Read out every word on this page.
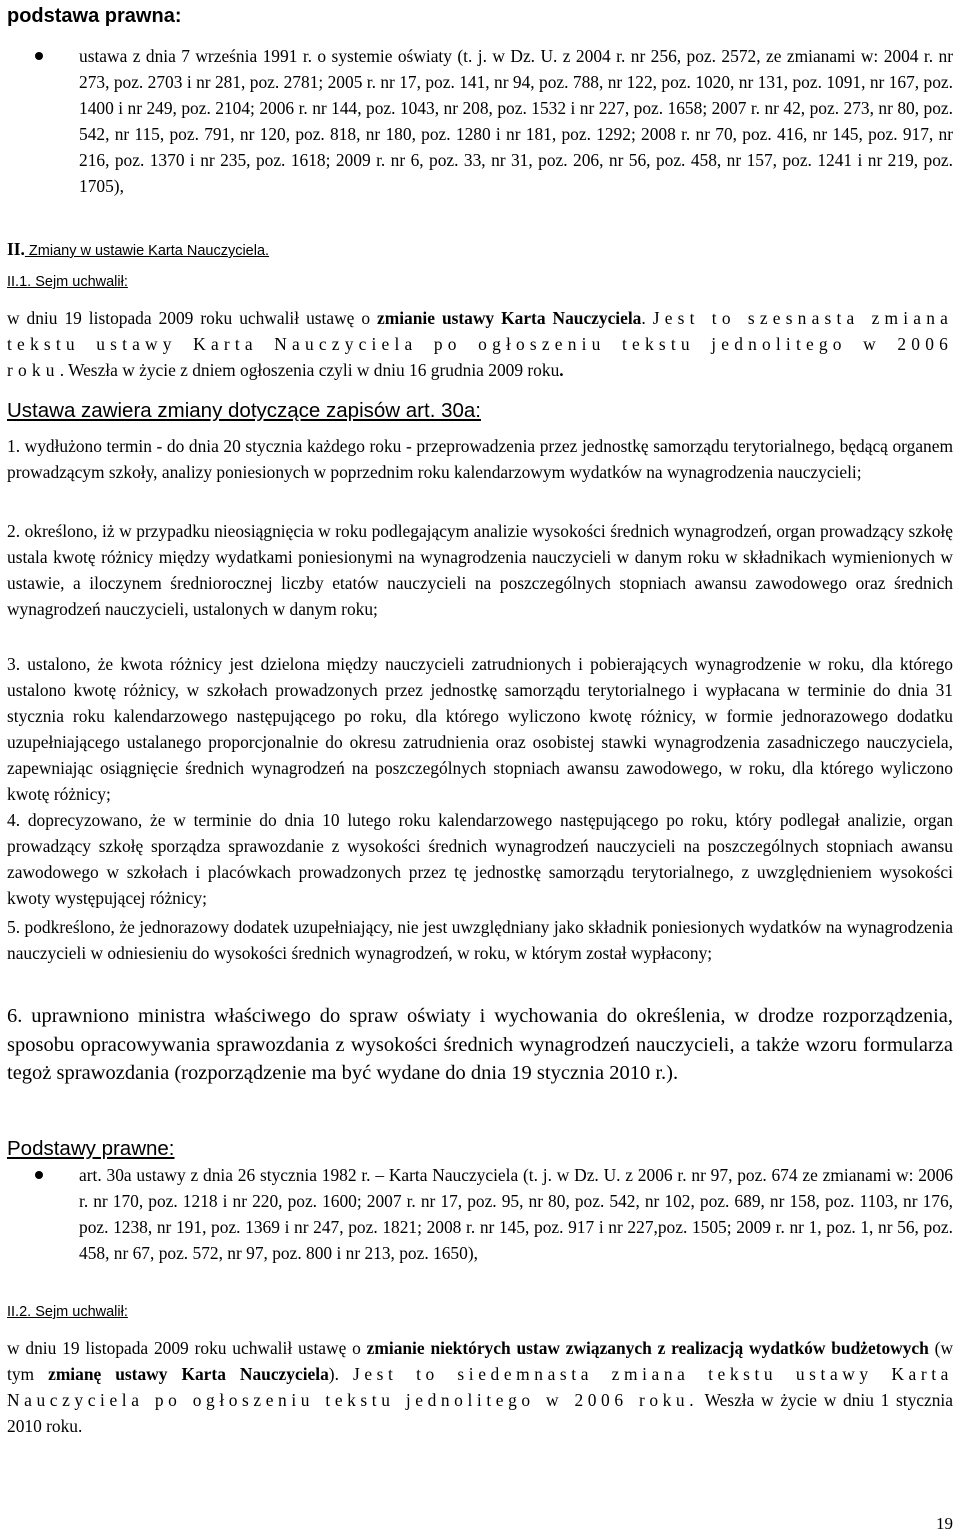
podstawa prawna:
ustawa z dnia 7 września 1991 r. o systemie oświaty (t. j. w Dz. U. z 2004 r. nr 256, poz. 2572, ze zmianami w: 2004 r. nr 273, poz. 2703 i nr 281, poz. 2781; 2005 r. nr 17, poz. 141, nr 94, poz. 788, nr 122, poz. 1020, nr 131, poz. 1091, nr 167, poz. 1400 i nr 249, poz. 2104; 2006 r. nr 144, poz. 1043, nr 208, poz. 1532 i nr 227, poz. 1658; 2007 r. nr 42, poz. 273, nr 80, poz. 542, nr 115, poz. 791, nr 120, poz. 818, nr 180, poz. 1280 i nr 181, poz. 1292; 2008 r. nr 70, poz. 416, nr 145, poz. 917, nr 216, poz. 1370 i nr 235, poz. 1618; 2009 r. nr 6, poz. 33, nr 31, poz. 206, nr 56, poz. 458, nr 157, poz. 1241 i nr 219, poz. 1705),
II. Zmiany w ustawie Karta Nauczyciela.
II.1. Sejm uchwalił:
w dniu 19 listopada 2009 roku uchwalił ustawę o zmianie ustawy Karta Nauczyciela. Jest to szesnasta zmiana tekstu ustawy Karta Nauczyciela po ogłoszeniu tekstu jednolitego w 2006 roku. Weszła w życie z dniem ogłoszenia czyli w dniu 16 grudnia 2009 roku.
Ustawa zawiera zmiany dotyczące zapisów art. 30a:
1. wydłużono termin - do dnia 20 stycznia każdego roku - przeprowadzenia przez jednostkę samorządu terytorialnego, będącą organem prowadzącym szkoły, analizy poniesionych w poprzednim roku kalendarzowym wydatków na wynagrodzenia nauczycieli;
2. określono, iż w przypadku nieosiągnięcia w roku podlegającym analizie wysokości średnich wynagrodzeń, organ prowadzący szkołę ustala kwotę różnicy między wydatkami poniesionymi na wynagrodzenia nauczycieli w danym roku w składnikach wymienionych w ustawie, a iloczynem średniorocznej liczby etatów nauczycieli na poszczególnych stopniach awansu zawodowego oraz średnich wynagrodzeń nauczycieli, ustalonych w danym roku;
3. ustalono, że kwota różnicy jest dzielona między nauczycieli zatrudnionych i pobierających wynagrodzenie w roku, dla którego ustalono kwotę różnicy, w szkołach prowadzonych przez jednostkę samorządu terytorialnego i wypłacana w terminie do dnia 31 stycznia roku kalendarzowego następującego po roku, dla którego wyliczono kwotę różnicy, w formie jednorazowego dodatku uzupełniającego ustalanego proporcjonalnie do okresu zatrudnienia oraz osobistej stawki wynagrodzenia zasadniczego nauczyciela, zapewniając osiągnięcie średnich wynagrodzeń na poszczególnych stopniach awansu zawodowego, w roku, dla którego wyliczono kwotę różnicy;
4. doprecyzowano, że w terminie do dnia 10 lutego roku kalendarzowego następującego po roku, który podlegał analizie, organ prowadzący szkołę sporządza sprawozdanie z wysokości średnich wynagrodzeń nauczycieli na poszczególnych stopniach awansu zawodowego w szkołach i placówkach prowadzonych przez tę jednostkę samorządu terytorialnego, z uwzględnieniem wysokości kwoty występującej różnicy;
5. podkreślono, że jednorazowy dodatek uzupełniający, nie jest uwzględniany jako składnik poniesionych wydatków na wynagrodzenia nauczycieli w odniesieniu do wysokości średnich wynagrodzeń, w roku, w którym został wypłacony;
6. uprawniono ministra właściwego do spraw oświaty i wychowania do określenia, w drodze rozporządzenia, sposobu opracowywania sprawozdania z wysokości średnich wynagrodzeń nauczycieli, a także wzoru formularza tegoż sprawozdania (rozporządzenie ma być wydane do dnia 19 stycznia 2010 r.).
Podstawy prawne:
art. 30a ustawy z dnia 26 stycznia 1982 r. – Karta Nauczyciela (t. j. w Dz. U. z 2006 r. nr 97, poz. 674 ze zmianami w: 2006 r. nr 170, poz. 1218 i nr 220, poz. 1600; 2007 r. nr 17, poz. 95, nr 80, poz. 542, nr 102, poz. 689, nr 158, poz. 1103, nr 176, poz. 1238, nr 191, poz. 1369 i nr 247, poz. 1821; 2008 r. nr 145, poz. 917 i nr 227,poz. 1505; 2009 r. nr 1, poz. 1, nr 56, poz. 458, nr 67, poz. 572, nr 97, poz. 800 i nr 213, poz. 1650),
II.2. Sejm uchwalił:
w dniu 19 listopada 2009 roku uchwalił ustawę o zmianie niektórych ustaw związanych z realizacją wydatków budżetowych (w tym zmianę ustawy Karta Nauczyciela). Jest to siedemnasta zmiana tekstu ustawy Karta Nauczyciela po ogłoszeniu tekstu jednolitego w 2006 roku. Weszła w życie w dniu 1 stycznia 2010 roku.
19
